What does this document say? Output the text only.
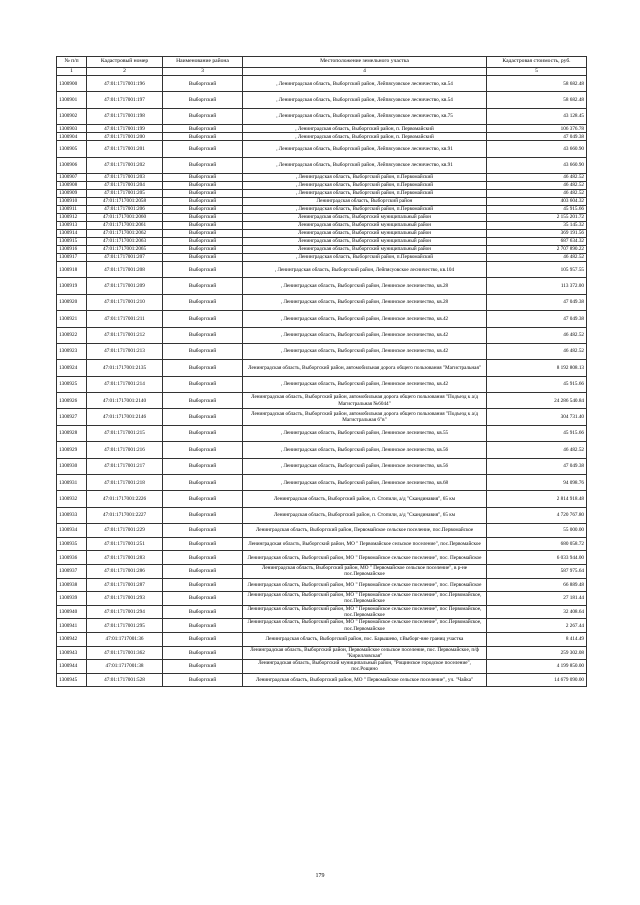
№ п/п	Кадастровый номер	Наименование района	Местоположение земельного участка	Кадастровая стоимость, руб.
1	2	3	4	5
1300900	47:01:1717001:196	Выборгский	, Ленинградская область, Выборгский район, Лейпясуовское лесничество, кв.54	58 682.48
1300901	47:01:1717001:197	Выборгский	, Ленинградская область, Выборгский район, Лейпясуовское лесничество, кв.54	58 682.48
1300902	47:01:1717001:198	Выборгский	, Ленинградская область, Выборгский район, Лейпясуовское лесничество, кв.75	43 128.45
1300903	47:01:1717001:199	Выборгский	, Ленинградская область, Выборгский район, п. Первомайский	106 376.78
1300904	47:01:1717001:200	Выборгский	, Ленинградская область, Выборгский район, п. Первомайский	47 049.38
1300905	47:01:1717001:201	Выборгский	, Ленинградская область, Выборгский район, Лейпясуовское лесничество, кв.91	43 660.90
1300906	47:01:1717001:202	Выборгский	, Ленинградская область, Выборгский район, Лейпясуовское лесничество, кв.91	43 660.90
1300907	47:01:1717001:203	Выборгский	, Ленинградская область, Выборгский район, п.Первомайский	46 482.52
1300908	47:01:1717001:204	Выборгский	, Ленинградская область, Выборгский район, п.Первомайский	46 482.52
1300909	47:01:1717001:205	Выборгский	, Ленинградская область, Выборгский район, п.Первомайский	46 482.52
1300910	47:01:1717001:2058	Выборгский	Ленинградская область, Выборгский район	403 604.32
1300911	47:01:1717001:206	Выборгский	, Ленинградская область, Выборгский район, п.Первомайский	45 915.66
1300912	47:01:1717001:2060	Выборгский	Ленинградская область, Выборгский муниципальный район	2 155 201.72
1300913	47:01:1717001:2061	Выборгский	Ленинградская область, Выборгский муниципальный район	35 145.32
1300914	47:01:1717001:2062	Выборгский	Ленинградская область, Выборгский муниципальный район	369 191.56
1300915	47:01:1717001:2063	Выборгский	Ленинградская область, Выборгский муниципальный район	687 634.32
1300916	47:01:1717001:2065	Выборгский	Ленинградская область, Выборгский муниципальный район	2 707 890.22
1300917	47:01:1717001:207	Выборгский	, Ленинградская область, Выборгский район, п.Первомайский	46 482.52
1300918	47:01:1717001:208	Выборгский	, Ленинградская область, Выборгский район, Лейпясуовское лесничество, кв.104	105 957.55
1300919	47:01:1717001:209	Выборгский	, Ленинградская область, Выборгский район, Ленинское лесничество, кв.28	113 372.00
1300920	47:01:1717001:210	Выборгский	, Ленинградская область, Выборгский район, Ленинское лесничество, кв.28	47 049.38
1300921	47:01:1717001:211	Выборгский	, Ленинградская область, Выборгский район, Ленинское лесничество, кв.42	47 049.38
1300922	47:01:1717001:212	Выборгский	, Ленинградская область, Выборгский район, Ленинское лесничество, кв.42	46 482.52
1300923	47:01:1717001:213	Выборгский	, Ленинградская область, Выборгский район, Ленинское лесничество, кв.42	46 482.52
1300924	47:01:1717001:2135	Выборгский	Ленинградская область, Выборгский район, автомобильная дорога общего пользования "Магистральная"	8 192 808.13
1300925	47:01:1717001:214	Выборгский	, Ленинградская область, Выборгский район, Ленинское лесничество, кв.42	45 915.66
1300926	47:01:1717001:2140	Выборгский	Ленинградская область, Выборгский район, автомобильная дорога общего пользования "Подъезд к а/д Магистральная №6044"	24 286 540.84
1300927	47:01:1717001:2146	Выборгский	Ленинградская область, Выборгский район, автомобильная дорога общего пользования "Подъезд к а/д Магистральная 6"в"	304 731.40
1300928	47:01:1717001:215	Выборгский	, Ленинградская область, Выборгский район, Ленинское лесничество, кв.55	45 915.66
1300929	47:01:1717001:216	Выборгский	, Ленинградская область, Выборгский район, Ленинское лесничество, кв.56	46 482.52
1300930	47:01:1717001:217	Выборгский	, Ленинградская область, Выборгский район, Ленинское лесничество, кв.56	47 049.38
1300931	47:01:1717001:218	Выборгский	, Ленинградская область, Выборгский район, Ленинское лесничество, кв.68	94 098.76
1300932	47:01:1717001:2226	Выборгский	Ленинградская область, Выборгский район, п. Стопили, а/д "Скандинавия", 65 км	2 814 918.48
1300933	47:01:1717001:2227	Выборгский	Ленинградская область, Выборгский район, п. Стопили, а/д "Скандинавия", 65 км	4 720 767.80
1300934	47:01:1717001:229	Выборгский	Ленинградская область, Выборгский район, Первомайское сельское поселение, пос.Первомайское	55 000.00
1300935	47:01:1717001:251	Выборгский	Ленинградская область, Выборгский район, МО " Первомайское сельское поселение", пос.Первомайское	680 058.72
1300936	47:01:1717001:283	Выборгский	Ленинградская область, Выборгский район, МО " Первомайское сельское поселение", пос. Первомайское	6 033 944.00
1300937	47:01:1717001:286	Выборгский	Ленинградская область, Выборгский район, МО " Первомайское сельское поселение", в р-не пос.Первомайское	587 975.64
1300938	47:01:1717001:287	Выборгский	Ленинградская область, Выборгский район, МО " Первомайское сельское поселение", пос. Первомайское	66 889.48
1300939	47:01:1717001:293	Выборгский	Ленинградская область, Выборгский район, МО " Первомайское сельское поселение", пос.Первомайское, пос.Первомайское	27 181.44
1300940	47:01:1717001:294	Выборгский	Ленинградская область, Выборгский район, МО " Первомайское сельское поселение", пос Первомайское, пос.Первомайское	32 408.64
1300941	47:01:1717001:295	Выборгский	Ленинградская область, Выборгский район, МО " Первомайское сельское поселение", пос.Первомайское, пос.Первомайское	2 267.44
1300942	47:01:1717001:36	Выборгский	Ленинградская область, Выборгский район, пос. Барышево, г.Выборг-вне границ участка	8 414.49
1300943	47:01:1717001:362	Выборгский	Ленинградская область, Выборгский район, Первомайское сельское поселение, пос. Первомайское, п/ф "Кирилловская"	259 302.08
1300944	47:01:1717001:38	Выборгский	Ленинградская область, Выборгский муниципальный район, "Рощинское городское поселение", пос.Рощино	4 199 850.00
1300945	47:01:1717001:528	Выборгский	Ленинградская область, Выборгский район, МО " Первомайское сельское поселение", уч. "Чайка"	14 679 090.00
179
